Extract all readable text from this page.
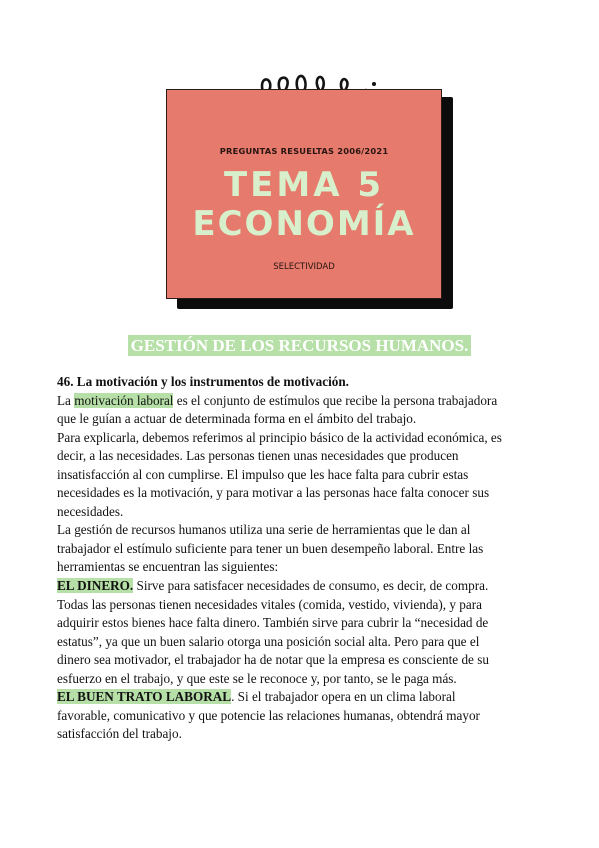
PREGUNTAS RESUELTAS 2006/2021
TEMA 5
ECONOMÍA
SELECTIVIDAD
GESTIÓN DE LOS RECURSOS HUMANOS.
46. La motivación y los instrumentos de motivación.
La motivación laboral es el conjunto de estímulos que recibe la persona trabajadora
que le guían a actuar de determinada forma en el ámbito del trabajo.
Para explicarla, debemos referimos al principio básico de la actividad económica, es
decir, a las necesidades. Las personas tienen unas necesidades que producen
insatisfacción al con cumplirse. El impulso que les hace falta para cubrir estas
necesidades es la motivación, y para motivar a las personas hace falta conocer sus
necesidades.
La gestión de recursos humanos utiliza una serie de herramientas que le dan al
trabajador el estímulo suficiente para tener un buen desempeño laboral. Entre las
herramientas se encuentran las siguientes:
EL DINERO. Sirve para satisfacer necesidades de consumo, es decir, de compra.
Todas las personas tienen necesidades vitales (comida, vestido, vivienda), y para
adquirir estos bienes hace falta dinero. También sirve para cubrir la “necesidad de
estatus”, ya que un buen salario otorga una posición social alta. Pero para que el
dinero sea motivador, el trabajador ha de notar que la empresa es consciente de su
esfuerzo en el trabajo, y que este se le reconoce y, por tanto, se le paga más.
EL BUEN TRATO LABORAL. Si el trabajador opera en un clima laboral
favorable, comunicativo y que potencie las relaciones humanas, obtendrá mayor
satisfacción del trabajo.
